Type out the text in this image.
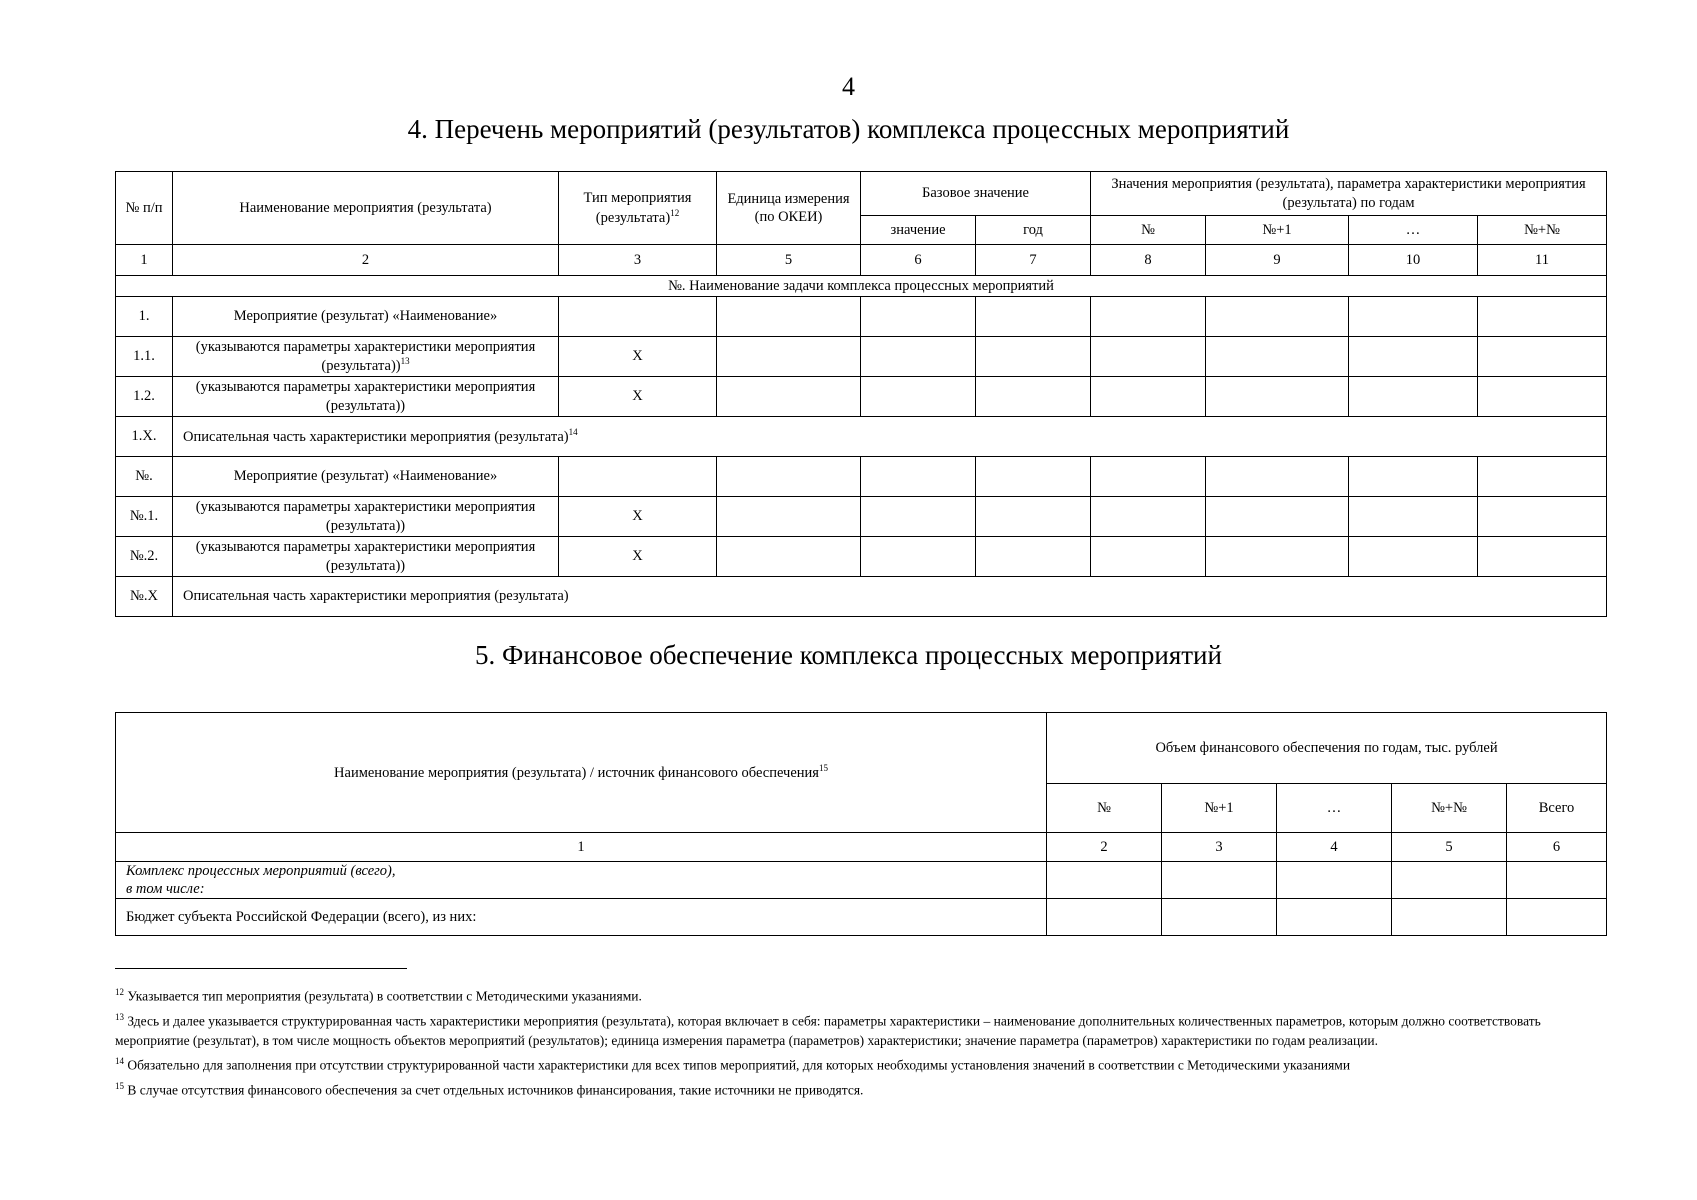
4
4. Перечень мероприятий (результатов) комплекса процессных мероприятий
№ п/п	Наименование мероприятия (результата)	Тип мероприятия (результата)$^{12}$	Единица измерения (по ОКЕИ)	Базовое значение		Значения мероприятия (результата), параметра характеристики мероприятия (результата) по годам			
				значение	год	№	№+1	…	№+№
1	2	3	5	6	7	8	9	10	11
№. Наименование задачи комплекса процессных мероприятий									
1.	Мероприятие (результат) «Наименование»								
1.1.	(указываются параметры характеристики мероприятия (результата))$^{13}$	X							
1.2.	(указываются параметры характеристики мероприятия (результата))	X							
1.X.	Описательная часть характеристики мероприятия (результата)$^{14}$
№.	Мероприятие (результат) «Наименование»								
№.1.	(указываются параметры характеристики мероприятия (результата))	X							
№.2.	(указываются параметры характеристики мероприятия (результата))	X							
№.X	Описательная часть характеристики мероприятия (результата)								
5. Финансовое обеспечение комплекса процессных мероприятий
Наименование мероприятия (результата) / источник финансового обеспечения$^{15}$	Объем финансового обеспечения по годам, тыс. рублей				
	№	№+1	…	№+№	Всего
1	2	3	4	5	6
Комплекс процессных мероприятий (всего),
в том числе:					
Бюджет субъекта Российской Федерации (всего), из них:					

$^{12}$ Указывается тип мероприятия (результата) в соответствии с Методическими указаниями.

$^{13}$ Здесь и далее указывается структурированная часть характеристики мероприятия (результата), которая включает в себя: параметры характеристики – наименование дополнительных количественных параметров, которым должно соответствовать мероприятие (результат), в том числе мощность объектов мероприятий (результатов); единица измерения параметра (параметров) характеристики; значение параметра (параметров) характеристики по годам реализации.

$^{14}$ Обязательно для заполнения при отсутствии структурированной части характеристики для всех типов мероприятий, для которых необходимы установления значений в соответствии с Методическими указаниями

$^{15}$ В случае отсутствия финансового обеспечения за счет отдельных источников финансирования, такие источники не приводятся.
